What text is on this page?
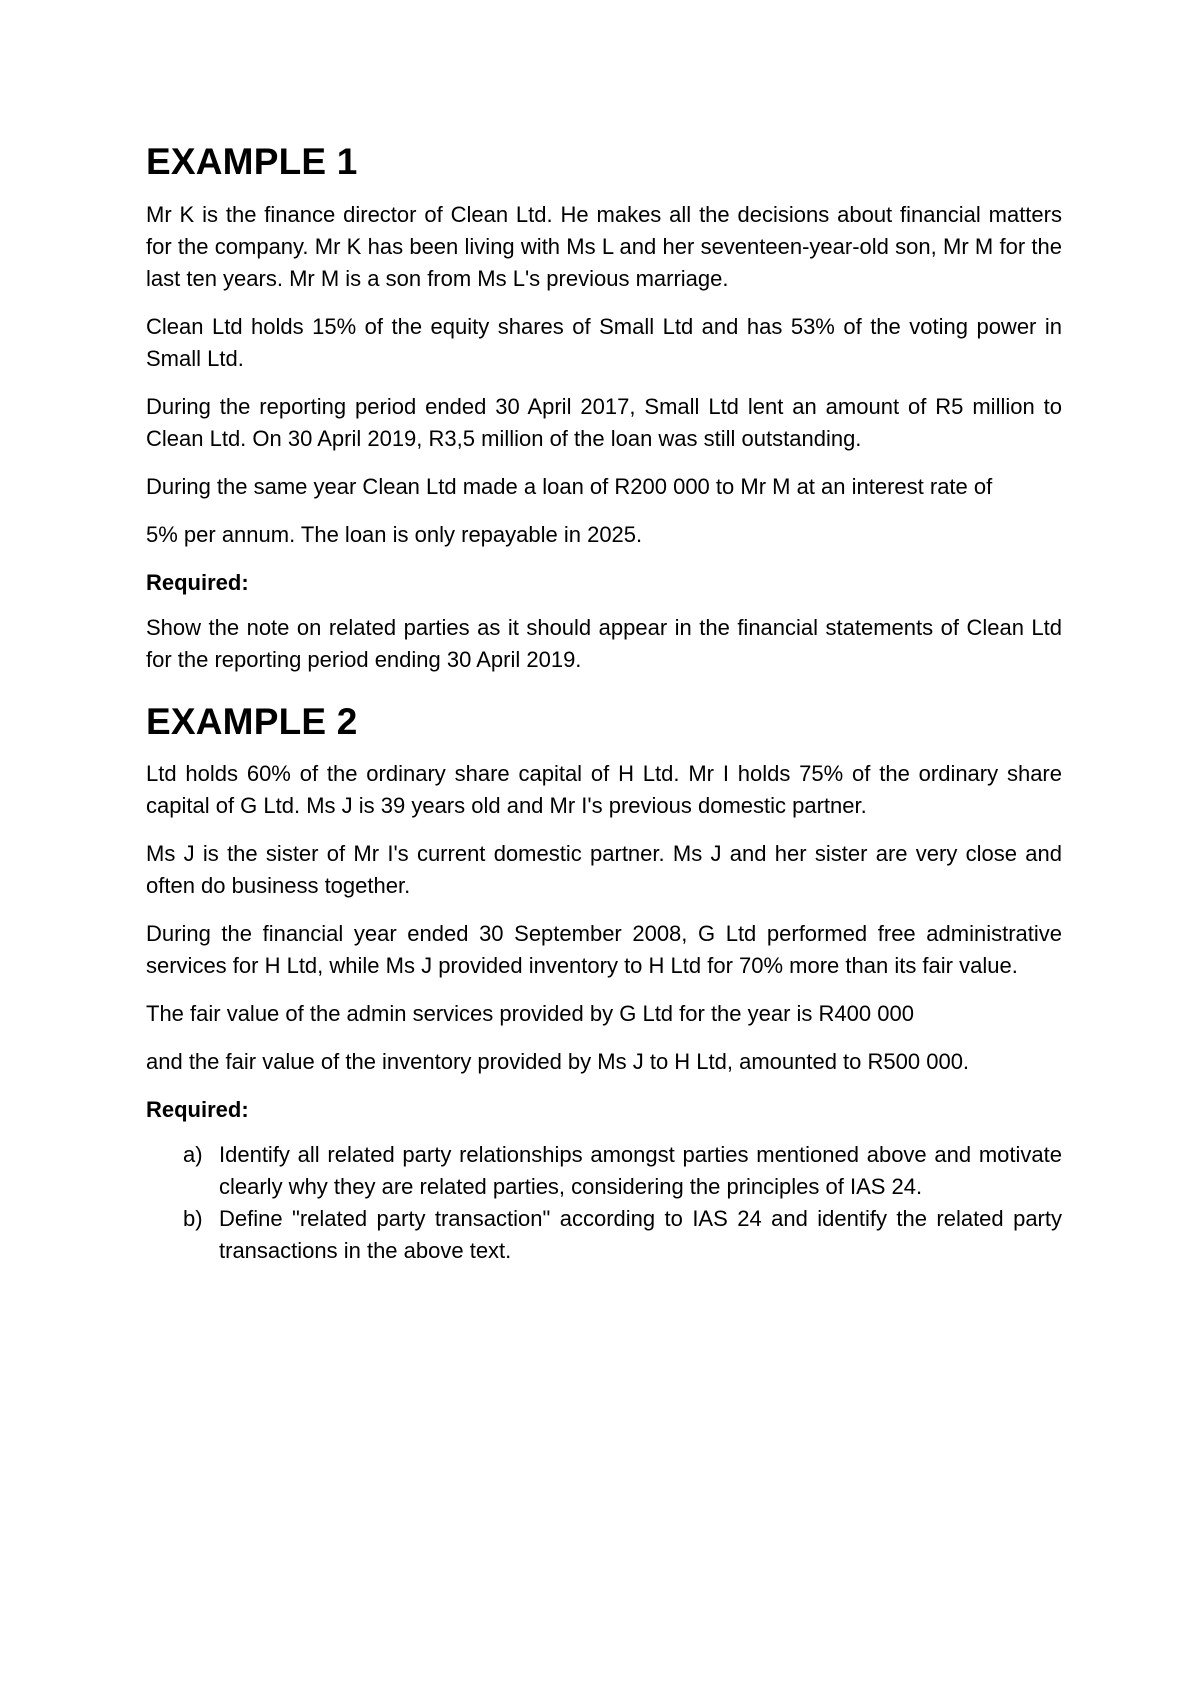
EXAMPLE 1

Mr K is the finance director of Clean Ltd. He makes all the decisions about financial matters for the company. Mr K has been living with Ms L and her seventeen-year-old son, Mr M for the last ten years. Mr M is a son from Ms L's previous marriage.

Clean Ltd holds 15% of the equity shares of Small Ltd and has 53% of the voting power in Small Ltd.

During the reporting period ended 30 April 2017, Small Ltd lent an amount of R5 million to Clean Ltd. On 30 April 2019, R3,5 million of the loan was still outstanding.

During the same year Clean Ltd made a loan of R200 000 to Mr M at an interest rate of

5% per annum. The loan is only repayable in 2025.

Required:

Show the note on related parties as it should appear in the financial statements of Clean Ltd for the reporting period ending 30 April 2019.

EXAMPLE 2

Ltd holds 60% of the ordinary share capital of H Ltd. Mr I holds 75% of the ordinary share capital of G Ltd. Ms J is 39 years old and Mr I's previous domestic partner.

Ms J is the sister of Mr I's current domestic partner. Ms J and her sister are very close and often do business together.

During the financial year ended 30 September 2008, G Ltd performed free administrative services for H Ltd, while Ms J provided inventory to H Ltd for 70% more than its fair value.

The fair value of the admin services provided by G Ltd for the year is R400 000

and the fair value of the inventory provided by Ms J to H Ltd, amounted to R500 000.

Required:

a) Identify all related party relationships amongst parties mentioned above and motivate clearly why they are related parties, considering the principles of IAS 24.
b) Define "related party transaction" according to IAS 24 and identify the related party transactions in the above text.
